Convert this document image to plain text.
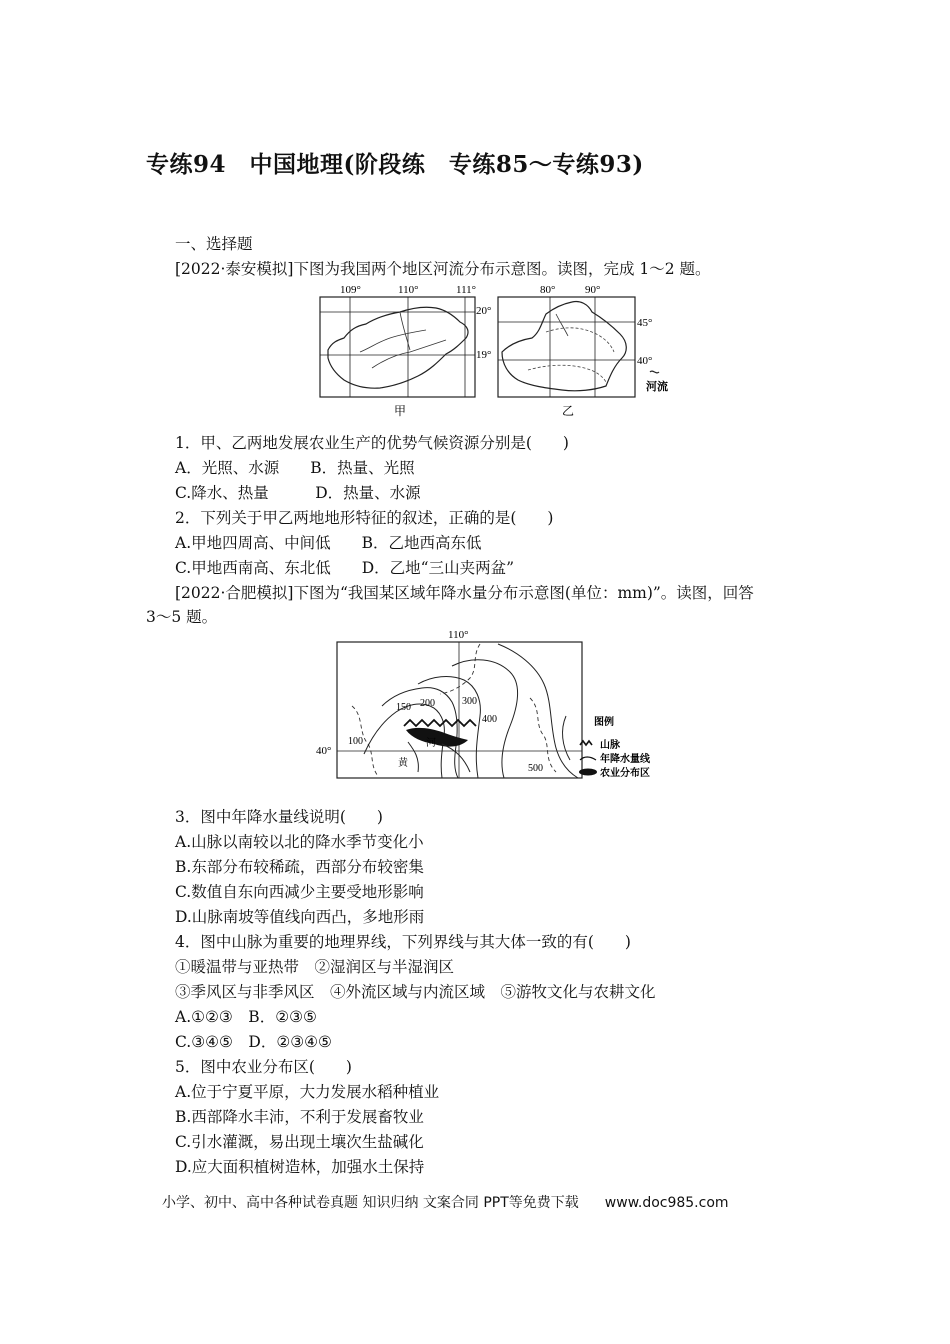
专练94　中国地理(阶段练　专练85～专练93)
一、选择题
[2022·泰安模拟]下图为我国两个地区河流分布示意图。读图，完成 1～2 题。
109°	110°	111°
20°
19°
甲
80°	90°
45°
40°
乙
河流
1．甲、乙两地发展农业生产的优势气候资源分别是(　　)
A．光照、水源　　B．热量、光照
C.降水、热量　　　D．热量、水源
2．下列关于甲乙两地地形特征的叙述，正确的是(　　)
A.甲地四周高、中间低　　B．乙地西高东低
C.甲地西南高、东北低　　D．乙地“三山夹两盆”
[2022·合肥模拟]下图为“我国某区域年降水量分布示意图(单位：mm)”。读图，回答
3～5 题。
110°
40°
100
150 200	300
400
500
河
黄
图例
山脉
年降水量线
农业分布区
3．图中年降水量线说明(　　)
A.山脉以南较以北的降水季节变化小
B.东部分布较稀疏，西部分布较密集
C.数值自东向西减少主要受地形影响
D.山脉南坡等值线向西凸，多地形雨
4．图中山脉为重要的地理界线，下列界线与其大体一致的有(　　)
①暖温带与亚热带　②湿润区与半湿润区
③季风区与非季风区　④外流区域与内流区域　⑤游牧文化与农耕文化
A.①②③　B．②③⑤
C.③④⑤　D．②③④⑤
5．图中农业分布区(　　)
A.位于宁夏平原，大力发展水稻种植业
B.西部降水丰沛，不利于发展畜牧业
C.引水灌溉，易出现土壤次生盐碱化
D.应大面积植树造林，加强水土保持
小学、初中、高中各种试卷真题 知识归纳 文案合同 PPT等免费下载 www.doc985.com
